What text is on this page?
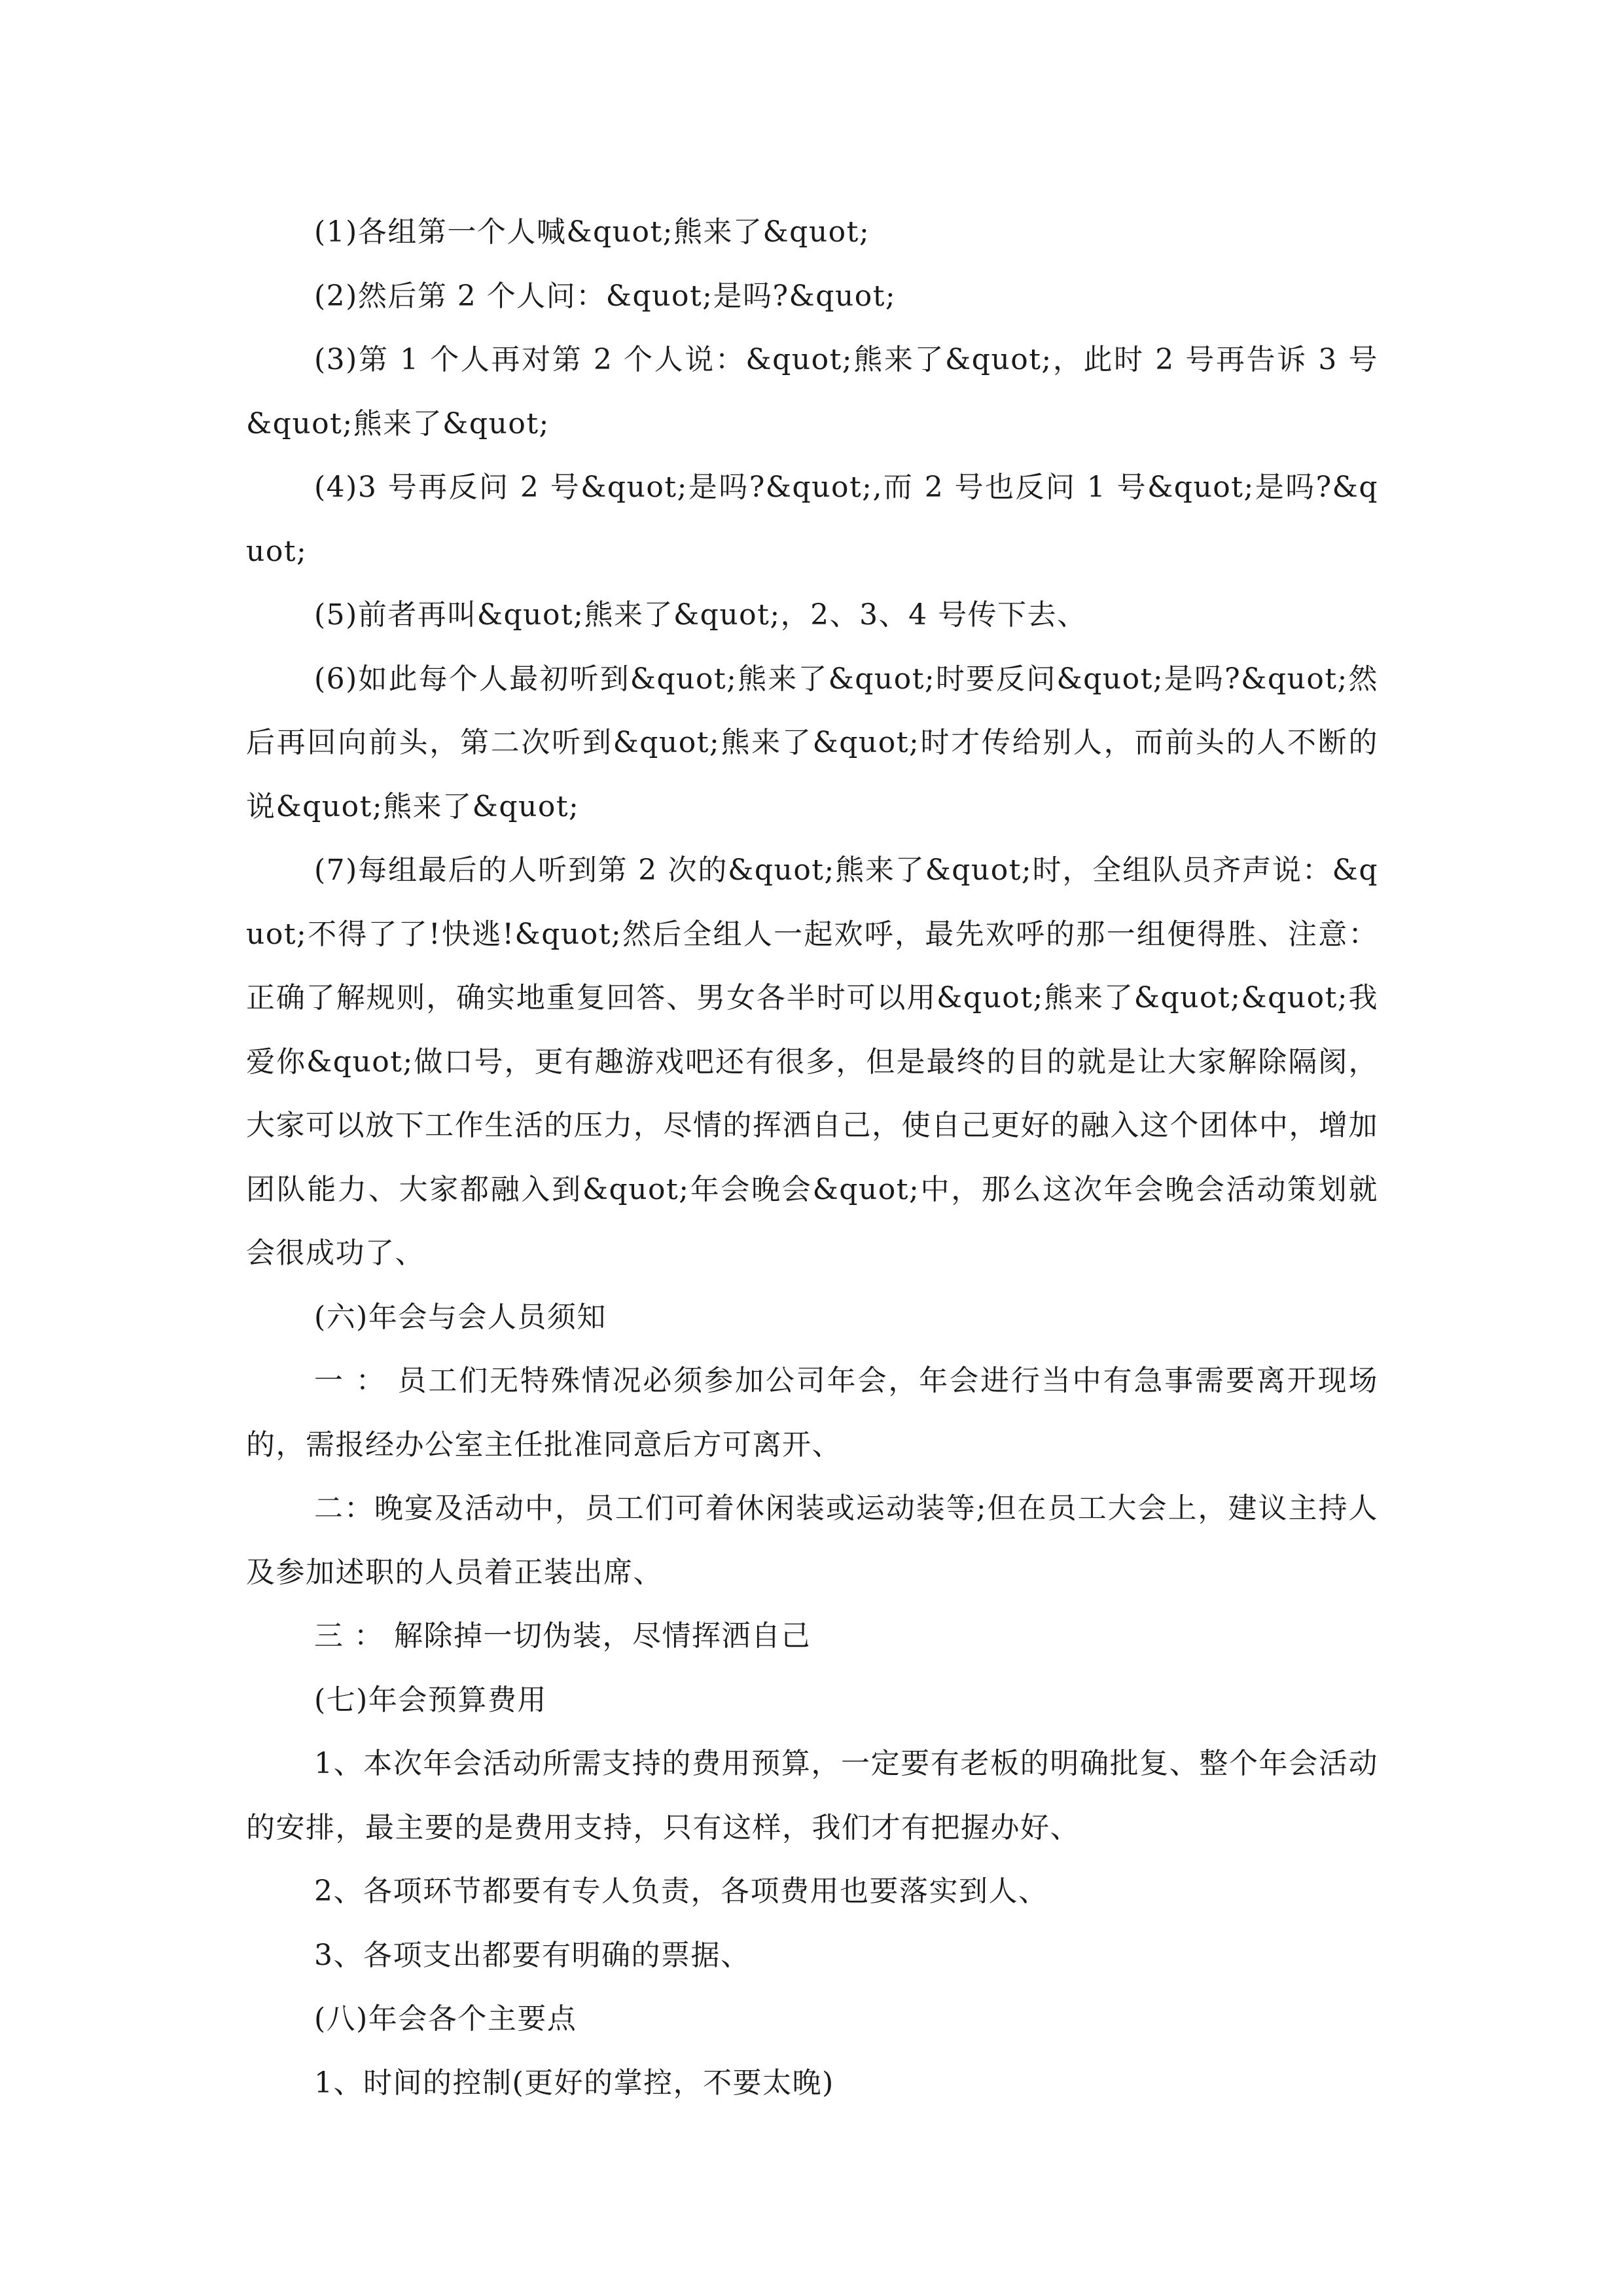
(1)各组第一个人喊&quot;熊来了&quot;

(2)然后第 2 个人问：&quot;是吗?&quot;

(3)第 1 个人再对第 2 个人说：&quot;熊来了&quot;，此时 2 号再告诉 3 号&quot;熊来了&quot;

(4)3 号再反问 2 号&quot;是吗?&quot;,而 2 号也反问 1 号&quot;是吗?&quot;

(5)前者再叫&quot;熊来了&quot;，2、3、4 号传下去、

(6)如此每个人最初听到&quot;熊来了&quot;时要反问&quot;是吗?&quot;然后再回向前头，第二次听到&quot;熊来了&quot;时才传给别人，而前头的人不断的说&quot;熊来了&quot;

(7)每组最后的人听到第 2 次的&quot;熊来了&quot;时，全组队员齐声说：&quot;不得了了!快逃!&quot;然后全组人一起欢呼，最先欢呼的那一组便得胜、注意：正确了解规则，确实地重复回答、男女各半时可以用&quot;熊来了&quot;&quot;我爱你&quot;做口号，更有趣游戏吧还有很多，但是最终的目的就是让大家解除隔阂，大家可以放下工作生活的压力，尽情的挥洒自己，使自己更好的融入这个团体中，增加团队能力、大家都融入到&quot;年会晚会&quot;中，那么这次年会晚会活动策划就会很成功了、

(六)年会与会人员须知

一 ： 员工们无特殊情况必须参加公司年会，年会进行当中有急事需要离开现场的，需报经办公室主任批准同意后方可离开、

二：晚宴及活动中，员工们可着休闲装或运动装等;但在员工大会上，建议主持人及参加述职的人员着正装出席、

三 ： 解除掉一切伪装，尽情挥洒自己

(七)年会预算费用

1、本次年会活动所需支持的费用预算，一定要有老板的明确批复、整个年会活动的安排，最主要的是费用支持，只有这样，我们才有把握办好、

2、各项环节都要有专人负责，各项费用也要落实到人、

3、各项支出都要有明确的票据、

(八)年会各个主要点

1、时间的控制(更好的掌控，不要太晚)
